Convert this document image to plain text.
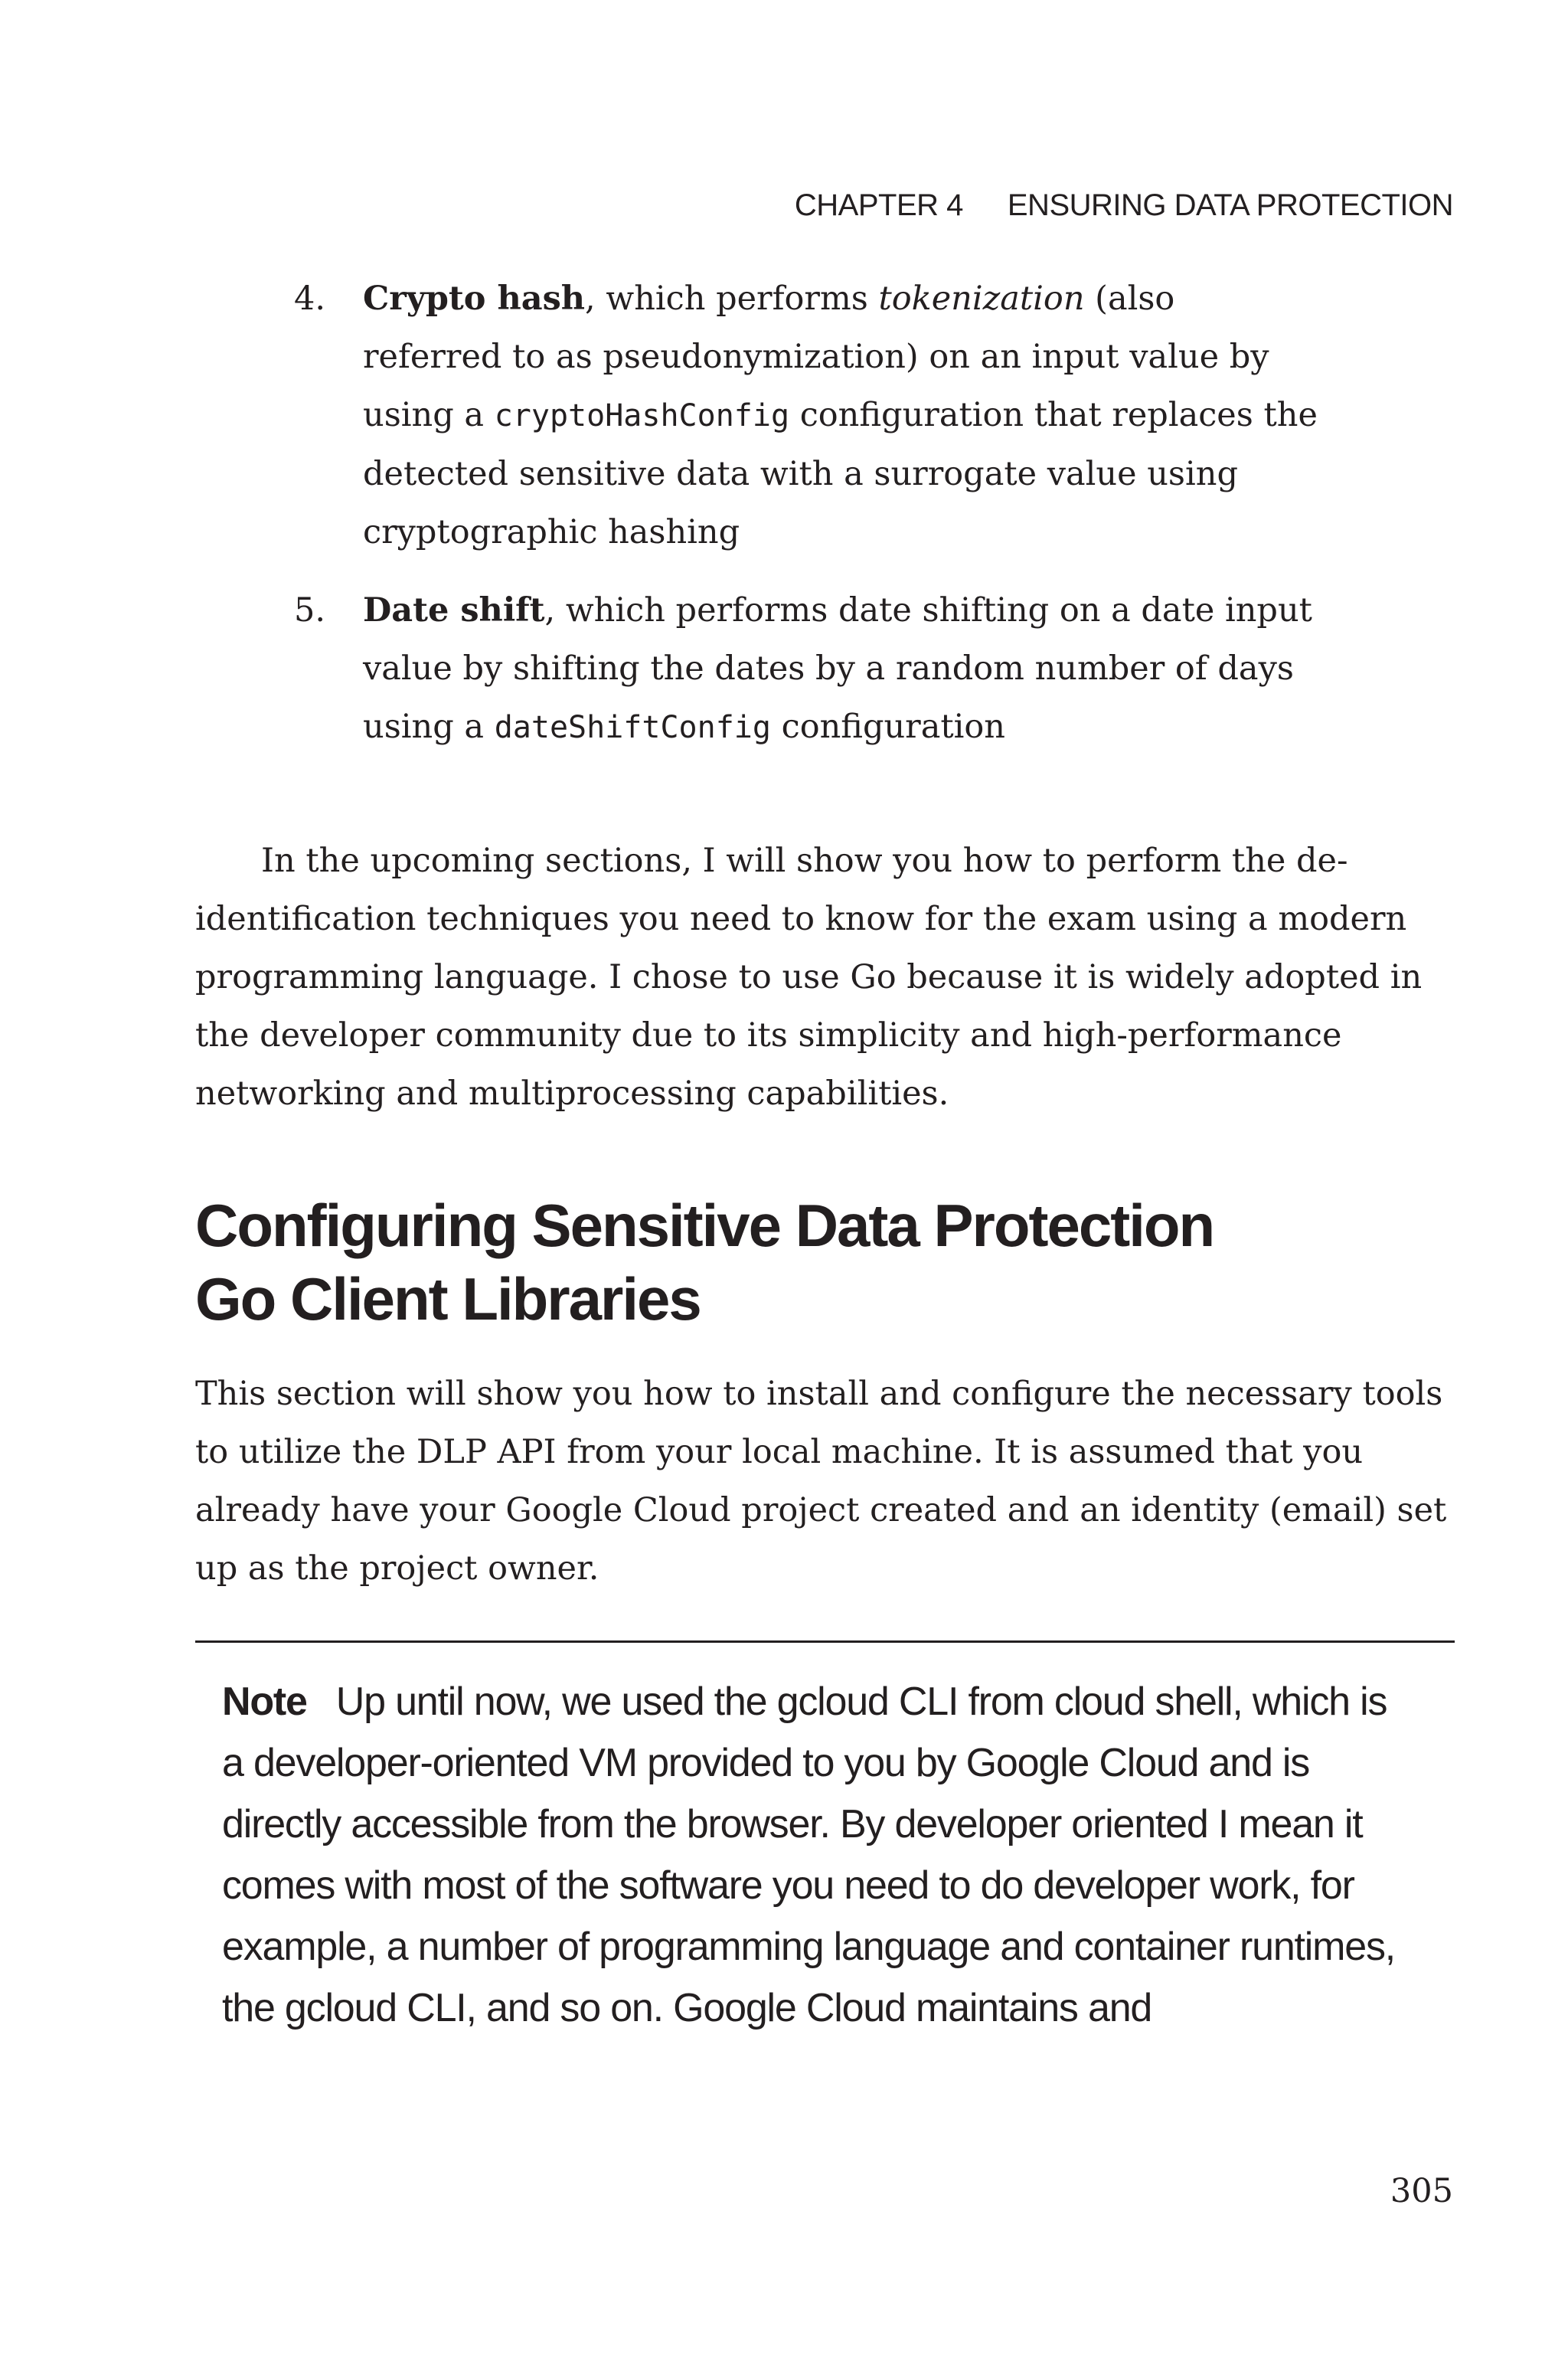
CHAPTER 4 ENSURING DATA PROTECTION
4. Crypto hash, which performs tokenization (also referred to as pseudonymization) on an input value by using a cryptoHashConfig configuration that replaces the detected sensitive data with a surrogate value using cryptographic hashing
5. Date shift, which performs date shifting on a date input value by shifting the dates by a random number of days using a dateShiftConfig configuration

In the upcoming sections, I will show you how to perform the de-identification techniques you need to know for the exam using a modern programming language. I chose to use Go because it is widely adopted in the developer community due to its simplicity and high-performance networking and multiprocessing capabilities.

Configuring Sensitive Data Protection
Go Client Libraries

This section will show you how to install and configure the necessary tools to utilize the DLP API from your local machine. It is assumed that you already have your Google Cloud project created and an identity (email) set up as the project owner.

Note Up until now, we used the gcloud CLI from cloud shell, which is a developer-oriented VM provided to you by Google Cloud and is directly accessible from the browser. By developer oriented I mean it comes with most of the software you need to do developer work, for example, a number of programming language and container runtimes, the gcloud CLI, and so on. Google Cloud maintains and

305
